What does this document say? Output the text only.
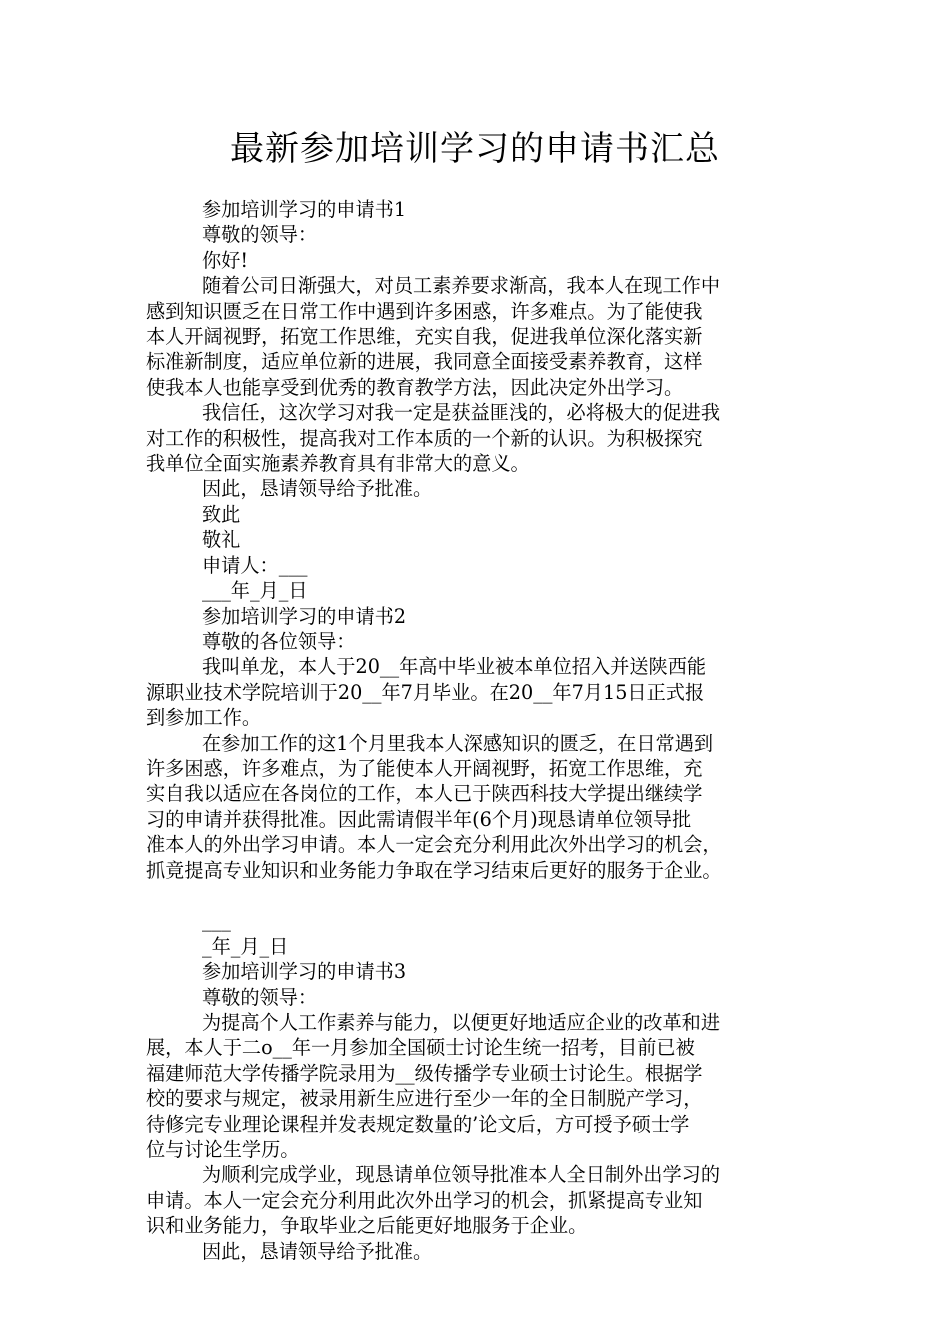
最新参加培训学习的申请书汇总
参加培训学习的申请书1
尊敬的领导：
你好!
随着公司日渐强大，对员工素养要求渐高，我本人在现工作中
感到知识匮乏在日常工作中遇到许多困惑，许多难点。为了能使我
本人开阔视野，拓宽工作思维，充实自我，促进我单位深化落实新
标准新制度，适应单位新的进展，我同意全面接受素养教育，这样
使我本人也能享受到优秀的教育教学方法，因此决定外出学习。
我信任，这次学习对我一定是获益匪浅的，必将极大的促进我
对工作的积极性，提高我对工作本质的一个新的认识。为积极探究
我单位全面实施素养教育具有非常大的意义。
因此，恳请领导给予批准。
致此
敬礼
申请人：___
___年_月_日
参加培训学习的申请书2
尊敬的各位领导：
我叫单龙，本人于20__年高中毕业被本单位招入并送陕西能
源职业技术学院培训于20__年7月毕业。在20__年7月15日正式报
到参加工作。
在参加工作的这1个月里我本人深感知识的匮乏，在日常遇到
许多困惑，许多难点，为了能使本人开阔视野，拓宽工作思维，充
实自我以适应在各岗位的工作，本人已于陕西科技大学提出继续学
习的申请并获得批准。因此需请假半年(6个月)现恳请单位领导批
准本人的外出学习申请。本人一定会充分利用此次外出学习的机会，
抓竟提高专业知识和业务能力争取在学习结束后更好的服务于企业。
___
_年_月_日
参加培训学习的申请书3
尊敬的领导：
为提高个人工作素养与能力，以便更好地适应企业的改革和进
展，本人于二o__年一月参加全国硕士讨论生统一招考，目前已被
福建师范大学传播学院录用为__级传播学专业硕士讨论生。根据学
校的要求与规定，被录用新生应进行至少一年的全日制脱产学习，
待修完专业理论课程并发表规定数量的’论文后，方可授予硕士学
位与讨论生学历。
为顺利完成学业，现恳请单位领导批准本人全日制外出学习的
申请。本人一定会充分利用此次外出学习的机会，抓紧提高专业知
识和业务能力，争取毕业之后能更好地服务于企业。
因此，恳请领导给予批准。
